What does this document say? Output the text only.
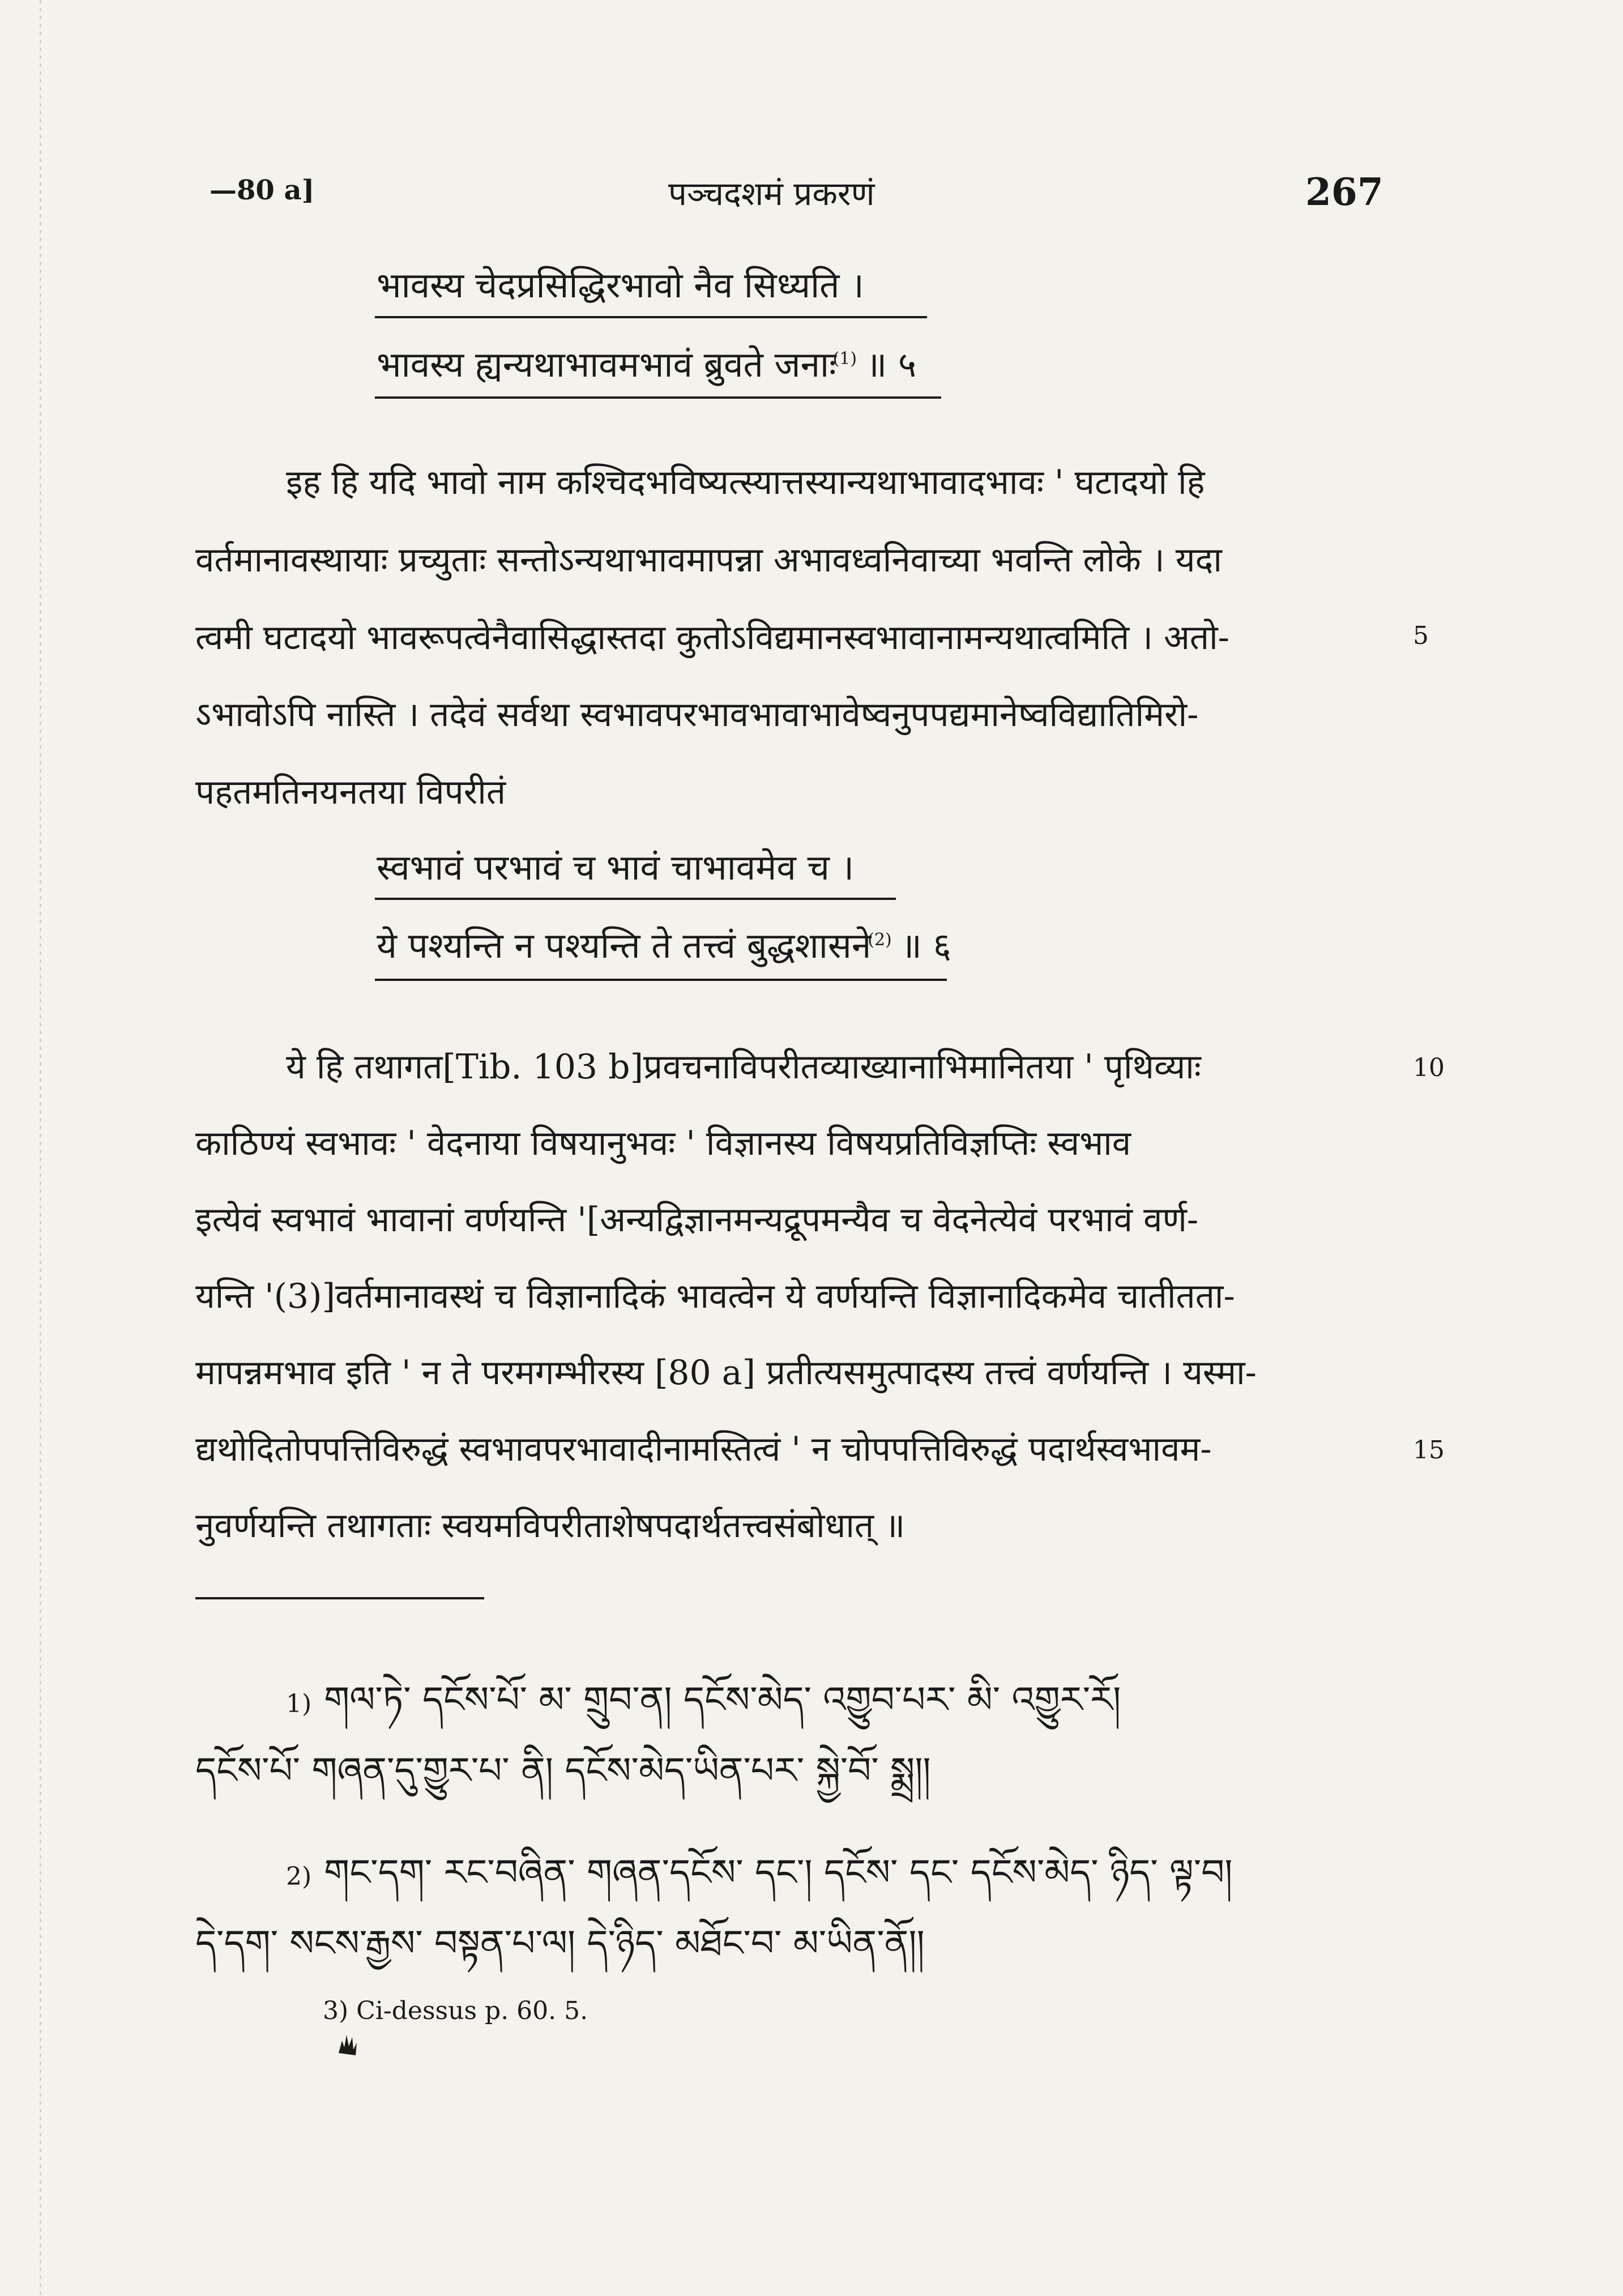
—80 a]	पञ्चदशमं प्रकरणं	267
भावस्य चेदप्रसिद्धिरभावो नैव सिध्यति ।
भावस्य ह्यन्यथाभावमभावं ब्रुवते जनाः$^{(1)}$ ॥ ५
इह हि यदि भावो नाम कश्चिदभविष्यत्स्यात्तस्यान्यथाभावादभावः ' घटादयो हि
वर्तमानावस्थायाः प्रच्युताः सन्तोऽन्यथाभावमापन्ना अभावध्वनिवाच्या भवन्ति लोके । यदा
त्वमी घटादयो भावरूपत्वेनैवासिद्धास्तदा कुतोऽविद्यमानस्वभावानामन्यथात्वमिति । अतो-	5
ऽभावोऽपि नास्ति । तदेवं सर्वथा स्वभावपरभावभावाभावेष्वनुपपद्यमानेष्वविद्यातिमिरो-
पहतमतिनयनतया विपरीतं
स्वभावं परभावं च भावं चाभावमेव च ।
ये पश्यन्ति न पश्यन्ति ते तत्त्वं बुद्धशासने$^{(2)}$ ॥ ६
ये हि तथागत[Tib. 103 b]प्रवचनाविपरीतव्याख्यानाभिमानितया ' पृथिव्याः	10
काठिण्यं स्वभावः ' वेदनाया विषयानुभवः ' विज्ञानस्य विषयप्रतिविज्ञप्तिः स्वभाव
इत्येवं स्वभावं भावानां वर्णयन्ति '[अन्यद्विज्ञानमन्यद्रूपमन्यैव च वेदनेत्येवं परभावं वर्ण-
यन्ति '(3)]वर्तमानावस्थं च विज्ञानादिकं भावत्वेन ये वर्णयन्ति विज्ञानादिकमेव चातीतता-
मापन्नमभाव इति ' न ते परमगम्भीरस्य [80 a] प्रतीत्यसमुत्पादस्य तत्त्वं वर्णयन्ति । यस्मा-
द्यथोदितोपपत्तिविरुद्धं स्वभावपरभावादीनामस्तित्वं ' न चोपपत्तिविरुद्धं पदार्थस्वभावम-	15
नुवर्णयन्ति तथागताः स्वयमविपरीताशेषपदार्थतत्त्वसंबोधात् ॥
1) གལ་ཏེ་ དངོས་པོ་ མ་ གྲུབ་ན། དངོས་མེད་ འགྱུབ་པར་ མི་ འགྱུར་རོ།
དངོས་པོ་ གཞན་དུ་གྱུར་པ་ ནི། དངོས་མེད་ཡིན་པར་ སྐྱེ་བོ་ སྨྲ།།
2) གང་དག་ རང་བཞིན་ གཞན་དངོས་ དང་། དངོས་ དང་ དངོས་མེད་ ཉིད་ ལྟ་བ།
དེ་དག་ སངས་རྒྱས་ བསྟན་པ་ལ། དེ་ཉིད་ མཐོང་བ་ མ་ཡིན་ནོ།།
3) Ci-dessus p. 60. 5.
